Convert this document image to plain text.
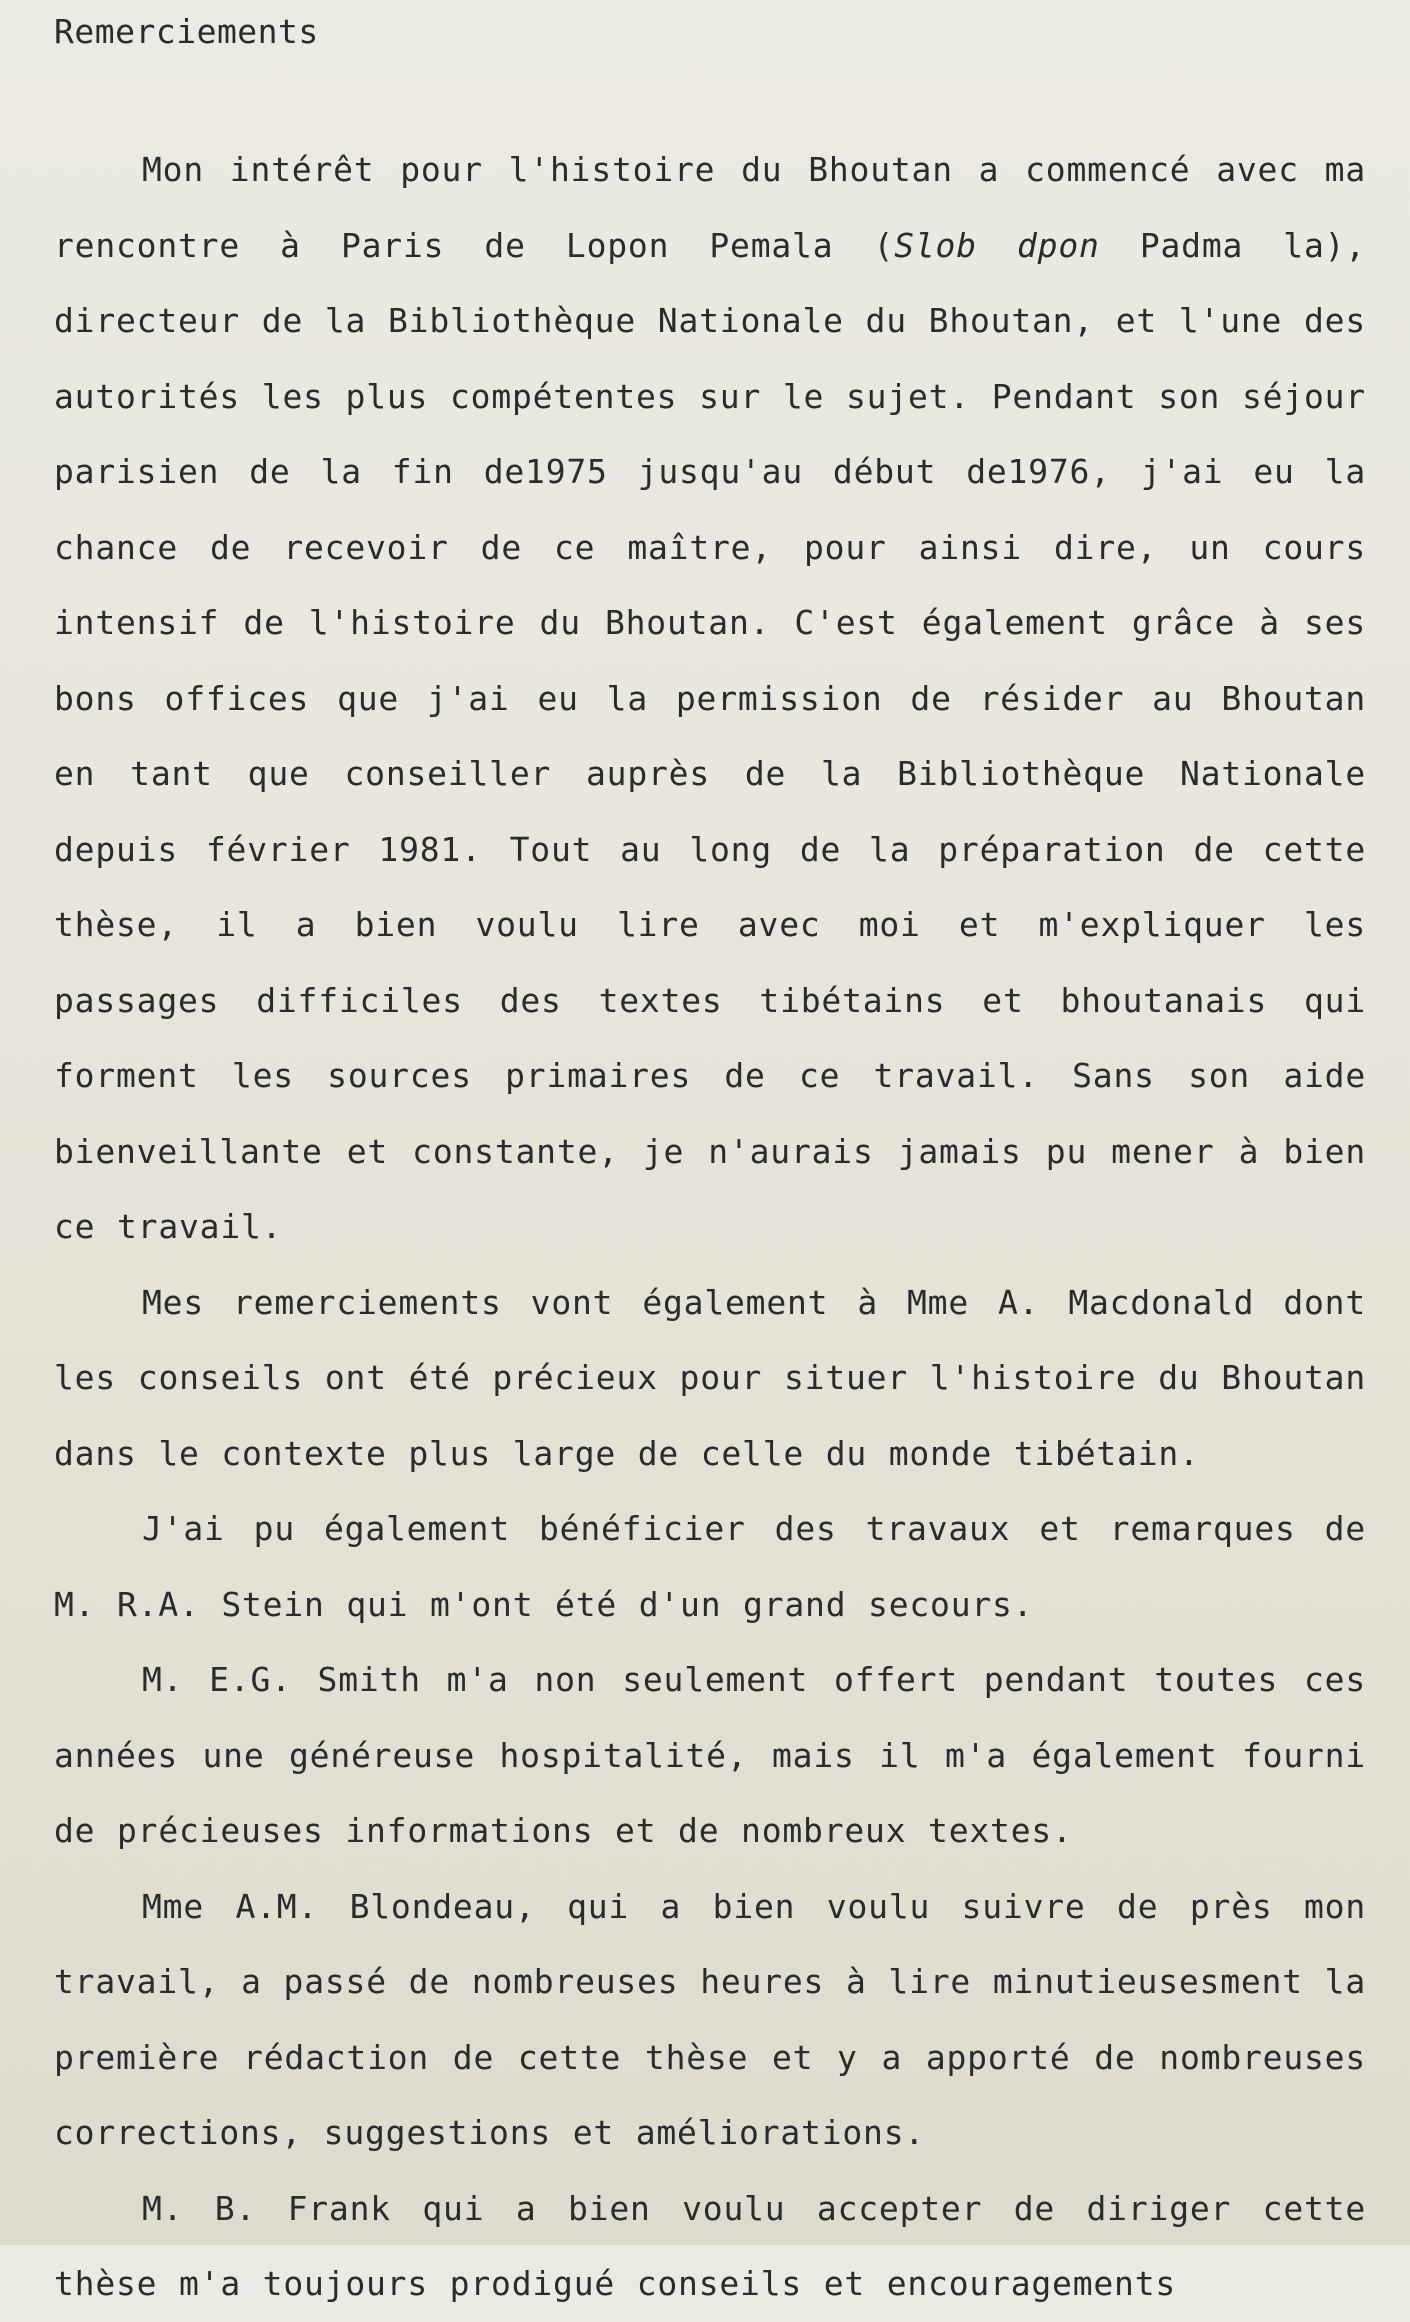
Remerciements

Mon intérêt pour l'histoire du Bhoutan a commencé avec ma rencontre à Paris de Lopon Pemala (Slob dpon Padma la), directeur de la Bibliothèque Nationale du Bhoutan, et l'une des autorités les plus compétentes sur le sujet. Pendant son séjour parisien de la fin de1975 jusqu'au début de1976, j'ai eu la chance de recevoir de ce maître, pour ainsi dire, un cours intensif de l'histoire du Bhoutan. C'est également grâce à ses bons offices que j'ai eu la permission de résider au Bhoutan en tant que conseiller auprès de la Bibliothèque Nationale depuis février 1981. Tout au long de la préparation de cette thèse, il a bien voulu lire avec moi et m'expliquer les passages difficiles des textes tibétains et bhoutanais qui forment les sources primaires de ce travail. Sans son aide bienveillante et constante, je n'aurais jamais pu mener à bien ce travail.

Mes remerciements vont également à Mme A. Macdonald dont les conseils ont été précieux pour situer l'histoire du Bhoutan dans le contexte plus large de celle du monde tibétain.

J'ai pu également bénéficier des travaux et remarques de M. R.A. Stein qui m'ont été d'un grand secours.

M. E.G. Smith m'a non seulement offert pendant toutes ces années une généreuse hospitalité, mais il m'a également fourni de précieuses informations et de nombreux textes.

Mme A.M. Blondeau, qui a bien voulu suivre de près mon travail, a passé de nombreuses heures à lire minutieusesment la première rédaction de cette thèse et y a apporté de nombreuses corrections, suggestions et améliorations.

M. B. Frank qui a bien voulu accepter de diriger cette thèse m'a toujours prodigué conseils et encouragements
